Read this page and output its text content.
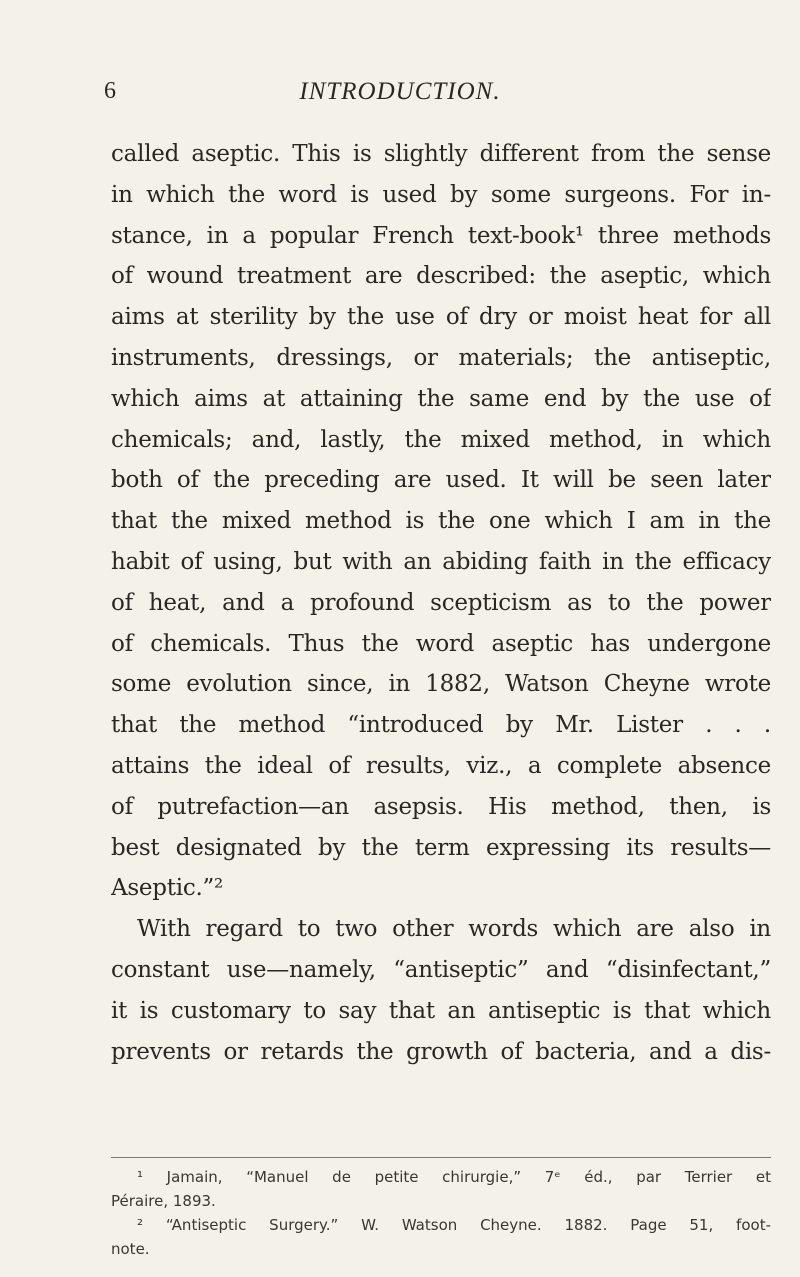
6	INTRODUCTION.
called aseptic. This is slightly different from the sense
in which the word is used by some surgeons. For in-
stance, in a popular French text-book¹ three methods
of wound treatment are described: the aseptic, which
aims at sterility by the use of dry or moist heat for all
instruments, dressings, or materials; the antiseptic,
which aims at attaining the same end by the use of
chemicals; and, lastly, the mixed method, in which
both of the preceding are used. It will be seen later
that the mixed method is the one which I am in the
habit of using, but with an abiding faith in the efficacy
of heat, and a profound scepticism as to the power
of chemicals. Thus the word aseptic has undergone
some evolution since, in 1882, Watson Cheyne wrote
that the method “introduced by Mr. Lister . . .
attains the ideal of results, viz., a complete absence
of putrefaction—an asepsis. His method, then, is
best designated by the term expressing its results—
Aseptic.”²
With regard to two other words which are also in
constant use—namely, “antiseptic” and “disinfectant,”
it is customary to say that an antiseptic is that which
prevents or retards the growth of bacteria, and a dis-
¹ Jamain, “Manuel de petite chirurgie,” 7ᵉ éd., par Terrier et
Péraire, 1893.
² “Antiseptic Surgery.” W. Watson Cheyne. 1882. Page 51, foot-
note.
